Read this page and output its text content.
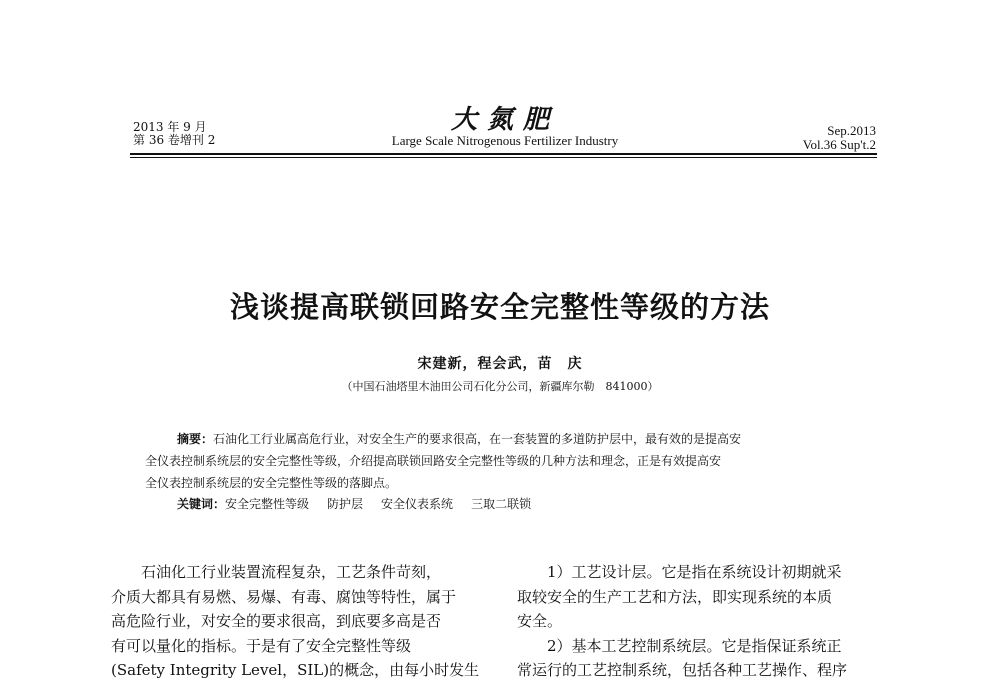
2013 年 9 月
第 36 卷增刊 2
大氮肥
Large Scale Nitrogenous Fertilizer Industry
Sep.2013
Vol.36 Sup't.2
浅谈提高联锁回路安全完整性等级的方法
宋建新，程会武，苗　庆
（中国石油塔里木油田公司石化分公司，新疆库尔勒　841000）

摘要：石油化工行业属高危行业，对安全生产的要求很高，在一套装置的多道防护层中，最有效的是提高安

全仪表控制系统层的安全完整性等级，介绍提高联锁回路安全完整性等级的几种方法和理念，正是有效提高安

全仪表控制系统层的安全完整性等级的落脚点。

关键词：安全完整性等级 防护层 安全仪表系统 三取二联锁

石油化工行业装置流程复杂，工艺条件苛刻，

介质大都具有易燃、易爆、有毒、腐蚀等特性，属于

高危险行业，对安全的要求很高，到底要多高是否

有可以量化的指标。于是有了安全完整性等级

(Safety Integrity Level，SIL)的概念，由每小时发生

1）工艺设计层。它是指在系统设计初期就采

取较安全的生产工艺和方法，即实现系统的本质

安全。

2）基本工艺控制系统层。它是指保证系统正

常运行的工艺控制系统，包括各种工艺操作、程序
